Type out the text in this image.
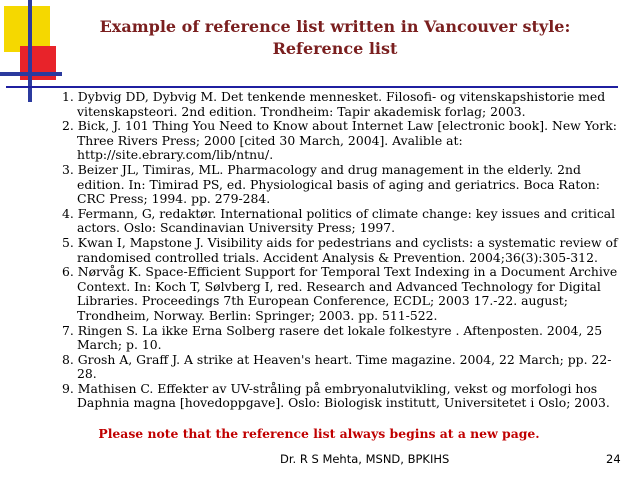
Example of reference list written in Vancouver style:
Reference list
1. Dybvig DD, Dybvig M. Det tenkende mennesket. Filosofi- og vitenskapshistorie med vitenskapsteori. 2nd edition. Trondheim: Tapir akademisk forlag; 2003.
2. Bick, J. 101 Thing You Need to Know about Internet Law [electronic book]. New York: Three Rivers Press; 2000 [cited 30 March, 2004]. Avalible at: http://site.ebrary.com/lib/ntnu/.
3. Beizer JL, Timiras, ML. Pharmacology and drug management in the elderly. 2nd edition. In: Timirad PS, ed. Physiological basis of aging and geriatrics. Boca Raton: CRC Press; 1994. pp. 279-284.
4. Fermann, G, redaktør. International politics of climate change: key issues and critical actors. Oslo: Scandinavian University Press; 1997.
5. Kwan I, Mapstone J. Visibility aids for pedestrians and cyclists: a systematic review of randomised controlled trials. Accident Analysis & Prevention. 2004;36(3):305-312.
6. Nørvåg K. Space-Efficient Support for Temporal Text Indexing in a Document Archive Context. In: Koch T, Sølvberg I, red. Research and Advanced Technology for Digital Libraries. Proceedings 7th European Conference, ECDL; 2003 17.-22. august; Trondheim, Norway. Berlin: Springer; 2003. pp. 511-522.
7. Ringen S. La ikke Erna Solberg rasere det lokale folkestyre . Aftenposten. 2004, 25 March; p. 10.
8. Grosh A, Graff J. A strike at Heaven's heart. Time magazine. 2004, 22 March; pp. 22-28.
9. Mathisen C. Effekter av UV-stråling på embryonalutvikling, vekst og morfologi hos Daphnia magna [hovedoppgave]. Oslo: Biologisk institutt, Universitetet i Oslo; 2003.
Please note that the reference list always begins at a new page.
Dr. R S Mehta, MSND, BPKIHS	24
